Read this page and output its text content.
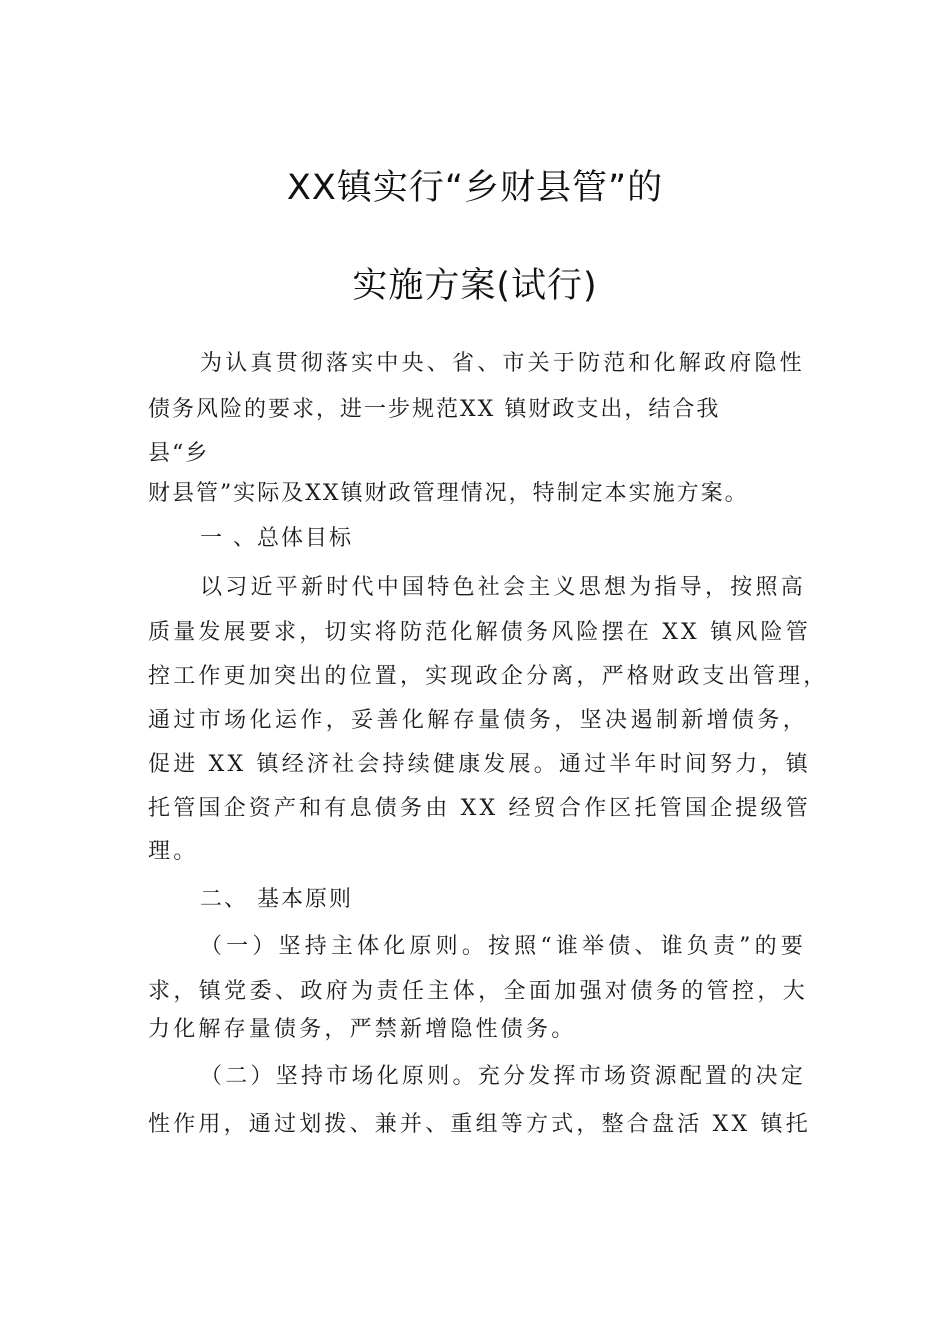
XX镇实行“乡财县管”的
实施方案(试行)
为认真贯彻落实中央、省、市关于防范和化解政府隐性
债务风险的要求，进一步规范XX 镇财政支出，结合我
县“乡
财县管”实际及XX镇财政管理情况，特制定本实施方案。
一 、总体目标
以习近平新时代中国特色社会主义思想为指导，按照高
质量发展要求，切实将防范化解债务风险摆在 XX 镇风险管
控工作更加突出的位置，实现政企分离，严格财政支出管理，
通过市场化运作，妥善化解存量债务，坚决遏制新增债务，
促进 XX 镇经济社会持续健康发展。通过半年时间努力，镇
托管国企资产和有息债务由 XX 经贸合作区托管国企提级管
理。
二、 基本原则
（一）坚持主体化原则。按照“谁举债、谁负责”的要
求，镇党委、政府为责任主体，全面加强对债务的管控，大
力化解存量债务，严禁新增隐性债务。
（二）坚持市场化原则。充分发挥市场资源配置的决定
性作用，通过划拨、兼并、重组等方式，整合盘活 XX 镇托
